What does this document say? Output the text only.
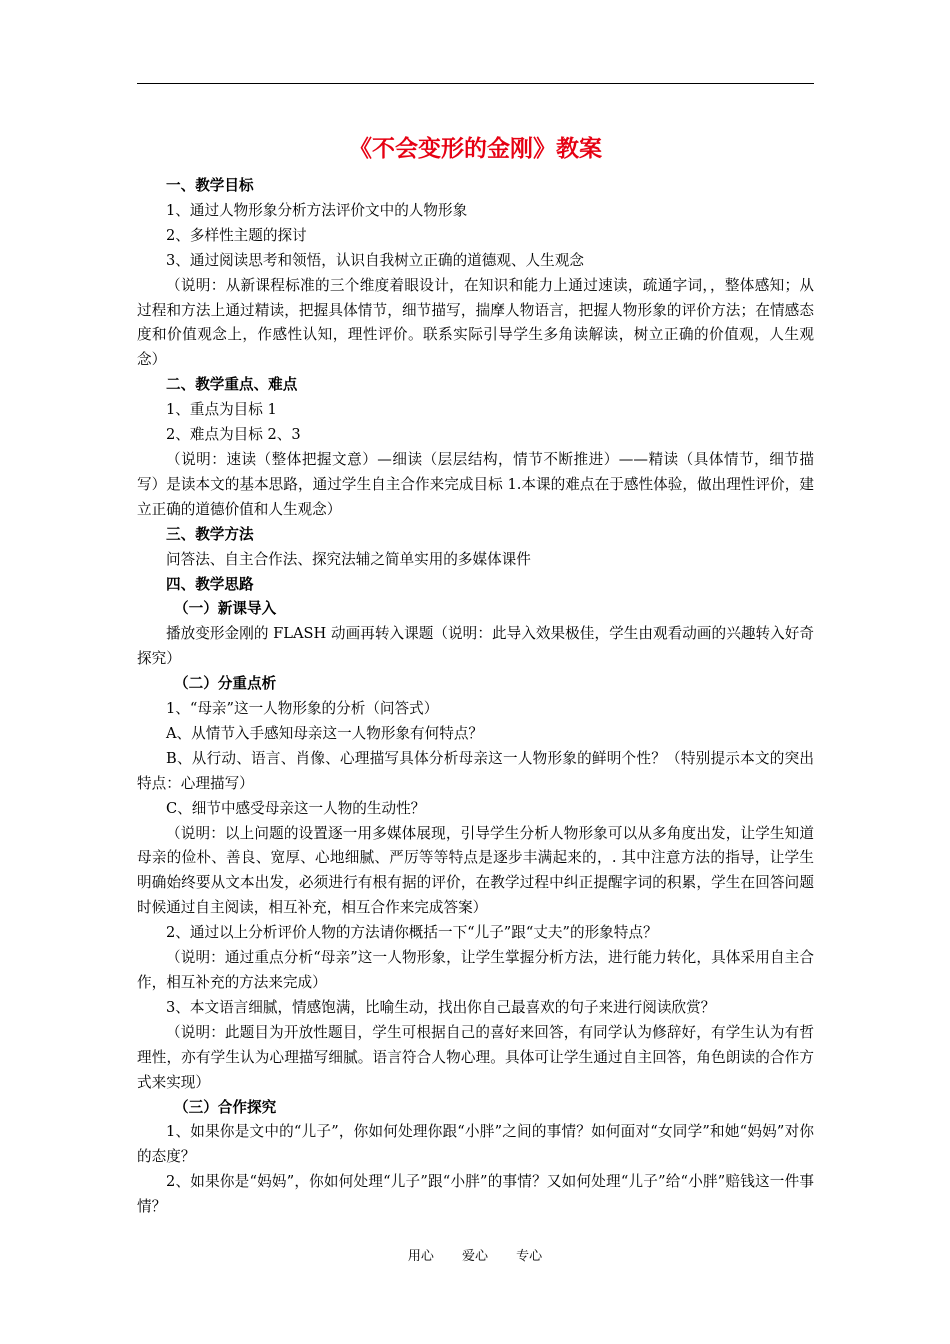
《不会变形的金刚》教案

一、教学目标

1、通过人物形象分析方法评价文中的人物形象

2、多样性主题的探讨

3、通过阅读思考和领悟，认识自我树立正确的道德观、人生观念

（说明：从新课程标准的三个维度着眼设计，在知识和能力上通过速读，疏通字词，，整体感知；从过程和方法上通过精读，把握具体情节，细节描写，揣摩人物语言，把握人物形象的评价方法；在情感态度和价值观念上，作感性认知，理性评价。联系实际引导学生多角读解读，树立正确的价值观，人生观念）

二、教学重点、难点

1、重点为目标 1

2、难点为目标 2、3

（说明：速读（整体把握文意）—细读（层层结构，情节不断推进）——精读（具体情节，细节描写）是读本文的基本思路，通过学生自主合作来完成目标 1.本课的难点在于感性体验，做出理性评价，建立正确的道德价值和人生观念）

三、教学方法

问答法、自主合作法、探究法辅之简单实用的多媒体课件

四、教学思路

（一）新课导入

播放变形金刚的 FLASH 动画再转入课题（说明：此导入效果极佳，学生由观看动画的兴趣转入好奇探究）

（二）分重点析

1、“母亲”这一人物形象的分析（问答式）

A、从情节入手感知母亲这一人物形象有何特点？

B、从行动、语言、肖像、心理描写具体分析母亲这一人物形象的鲜明个性？（特别提示本文的突出特点：心理描写）

C、细节中感受母亲这一人物的生动性？

（说明：以上问题的设置逐一用多媒体展现，引导学生分析人物形象可以从多角度出发，让学生知道母亲的俭朴、善良、宽厚、心地细腻、严厉等等特点是逐步丰满起来的，. 其中注意方法的指导，让学生明确始终要从文本出发，必须进行有根有据的评价，在教学过程中纠正提醒字词的积累，学生在回答问题时候通过自主阅读，相互补充，相互合作来完成答案）

2、通过以上分析评价人物的方法请你概括一下“儿子”跟“丈夫”的形象特点？

（说明：通过重点分析“母亲”这一人物形象，让学生掌握分析方法，进行能力转化，具体采用自主合作，相互补充的方法来完成）

3、本文语言细腻，情感饱满，比喻生动，找出你自己最喜欢的句子来进行阅读欣赏？

（说明：此题目为开放性题目，学生可根据自己的喜好来回答，有同学认为修辞好，有学生认为有哲理性，亦有学生认为心理描写细腻。语言符合人物心理。具体可让学生通过自主回答，角色朗读的合作方式来实现）

（三）合作探究

1、如果你是文中的“儿子”，你如何处理你跟“小胖”之间的事情？如何面对“女同学”和她“妈妈”对你的态度？

2、如果你是“妈妈”，你如何处理“儿子”跟“小胖”的事情？又如何处理“儿子”给“小胖”赔钱这一件事情？

用心 爱心 专心
